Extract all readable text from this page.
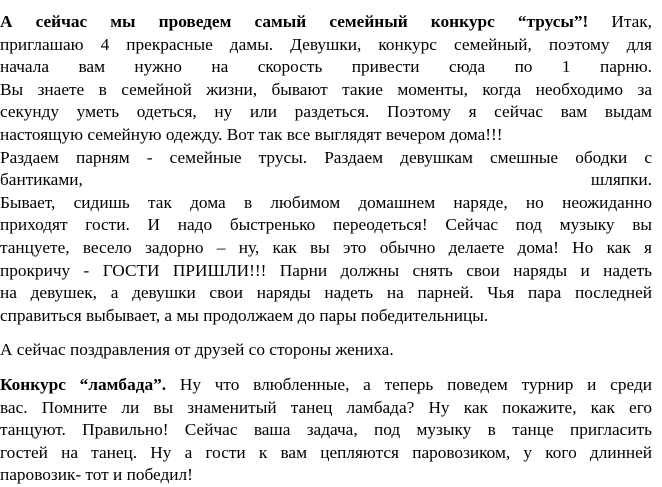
А сейчас мы проведем самый семейный конкурс “трусы”! Итак,
приглашаю 4 прекрасные дамы. Девушки, конкурс семейный, поэтому для
начала вам нужно на скорость привести сюда по 1 парню.
Вы знаете в семейной жизни, бывают такие моменты, когда необходимо за
секунду уметь одеться, ну или раздеться. Поэтому я сейчас вам выдам
настоящую семейную одежду. Вот так все выглядят вечером дома!!!
Раздаем парням - семейные трусы. Раздаем девушкам смешные ободки с
бантиками, шляпки.
Бывает, сидишь так дома в любимом домашнем наряде, но неожиданно
приходят гости. И надо быстренько переодеться! Сейчас под музыку вы
танцуете, весело задорно – ну, как вы это обычно делаете дома! Но как я
прокричу - ГОСТИ ПРИШЛИ!!! Парни должны снять свои наряды и надеть
на девушек, а девушки свои наряды надеть на парней. Чья пара последней
справиться выбывает, а мы продолжаем до пары победительницы.
А сейчас поздравления от друзей со стороны жениха.
Конкурс “ламбада”. Ну что влюбленные, а теперь поведем турнир и среди
вас. Помните ли вы знаменитый танец ламбада? Ну как покажите, как его
танцуют. Правильно! Сейчас ваша задача, под музыку в танце пригласить
гостей на танец. Ну а гости к вам цепляются паровозиком, у кого длинней
паровозик- тот и победил!
